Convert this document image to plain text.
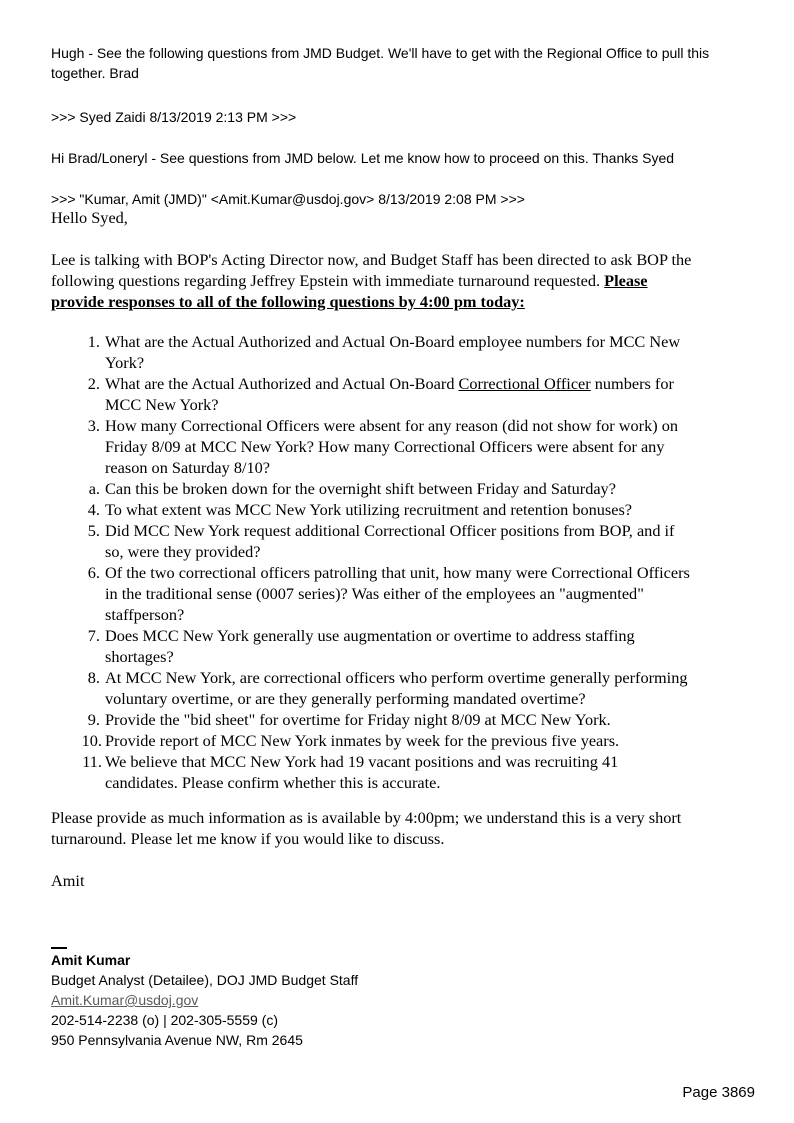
Hugh - See the following questions from JMD Budget. We'll have to get with the Regional Office to pull this
together. Brad
>>> Syed Zaidi 8/13/2019 2:13 PM >>>
Hi Brad/Loneryl - See questions from JMD below. Let me know how to proceed on this. Thanks Syed
>>> "Kumar, Amit (JMD)" <Amit.Kumar@usdoj.gov> 8/13/2019 2:08 PM >>>
Hello Syed,
Lee is talking with BOP's Acting Director now, and Budget Staff has been directed to ask BOP the
following questions regarding Jeffrey Epstein with immediate turnaround requested. Please
provide responses to all of the following questions by 4:00 pm today:
1. What are the Actual Authorized and Actual On-Board employee numbers for MCC New
York?
2. What are the Actual Authorized and Actual On-Board Correctional Officer numbers for
MCC New York?
3. How many Correctional Officers were absent for any reason (did not show for work) on
Friday 8/09 at MCC New York? How many Correctional Officers were absent for any
reason on Saturday 8/10?
a. Can this be broken down for the overnight shift between Friday and Saturday?
4. To what extent was MCC New York utilizing recruitment and retention bonuses?
5. Did MCC New York request additional Correctional Officer positions from BOP, and if
so, were they provided?
6. Of the two correctional officers patrolling that unit, how many were Correctional Officers
in the traditional sense (0007 series)? Was either of the employees an "augmented"
staffperson?
7. Does MCC New York generally use augmentation or overtime to address staffing
shortages?
8. At MCC New York, are correctional officers who perform overtime generally performing
voluntary overtime, or are they generally performing mandated overtime?
9. Provide the "bid sheet" for overtime for Friday night 8/09 at MCC New York.
10. Provide report of MCC New York inmates by week for the previous five years.
11. We believe that MCC New York had 19 vacant positions and was recruiting 41
candidates. Please confirm whether this is accurate.
Please provide as much information as is available by 4:00pm; we understand this is a very short
turnaround. Please let me know if you would like to discuss.
Amit
Amit Kumar
Budget Analyst (Detailee), DOJ JMD Budget Staff
Amit.Kumar@usdoj.gov
202-514-2238 (o) | 202-305-5559 (c)
950 Pennsylvania Avenue NW, Rm 2645
Page 3869
